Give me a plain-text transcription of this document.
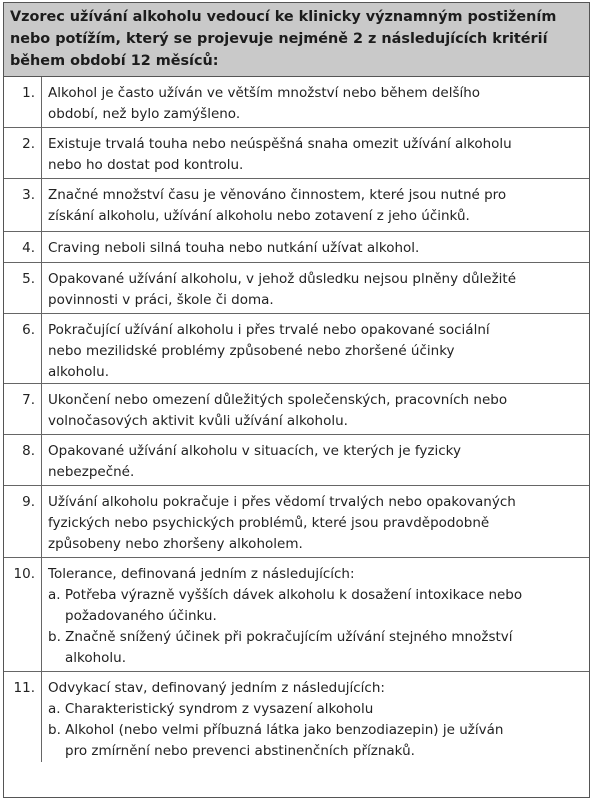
Vzorec užívání alkoholu vedoucí ke klinicky významným postižením
nebo potížím, který se projevuje nejméně 2 z následujících kritérií
během období 12 měsíců:
1. Alkohol je často užíván ve větším množství nebo během delšího
období, než bylo zamýšleno.
2. Existuje trvalá touha nebo neúspěšná snaha omezit užívání alkoholu
nebo ho dostat pod kontrolu.
3. Značné množství času je věnováno činnostem, které jsou nutné pro
získání alkoholu, užívání alkoholu nebo zotavení z jeho účinků.
4. Craving neboli silná touha nebo nutkání užívat alkohol.
5. Opakované užívání alkoholu, v jehož důsledku nejsou plněny důležité
povinnosti v práci, škole či doma.
6. Pokračující užívání alkoholu i přes trvalé nebo opakované sociální
nebo mezilidské problémy způsobené nebo zhoršené účinky
alkoholu.
7. Ukončení nebo omezení důležitých společenských, pracovních nebo
volnočasových aktivit kvůli užívání alkoholu.
8. Opakované užívání alkoholu v situacích, ve kterých je fyzicky
nebezpečné.
9. Užívání alkoholu pokračuje i přes vědomí trvalých nebo opakovaných
fyzických nebo psychických problémů, které jsou pravděpodobně
způsobeny nebo zhoršeny alkoholem.
10. Tolerance, definovaná jedním z následujících:
a. Potřeba výrazně vyšších dávek alkoholu k dosažení intoxikace nebo
požadovaného účinku.
b. Značně snížený účinek při pokračujícím užívání stejného množství
alkoholu.
11. Odvykací stav, definovaný jedním z následujících:
a. Charakteristický syndrom z vysazení alkoholu
b. Alkohol (nebo velmi příbuzná látka jako benzodiazepin) je užíván
pro zmírnění nebo prevenci abstinenčních příznaků.
